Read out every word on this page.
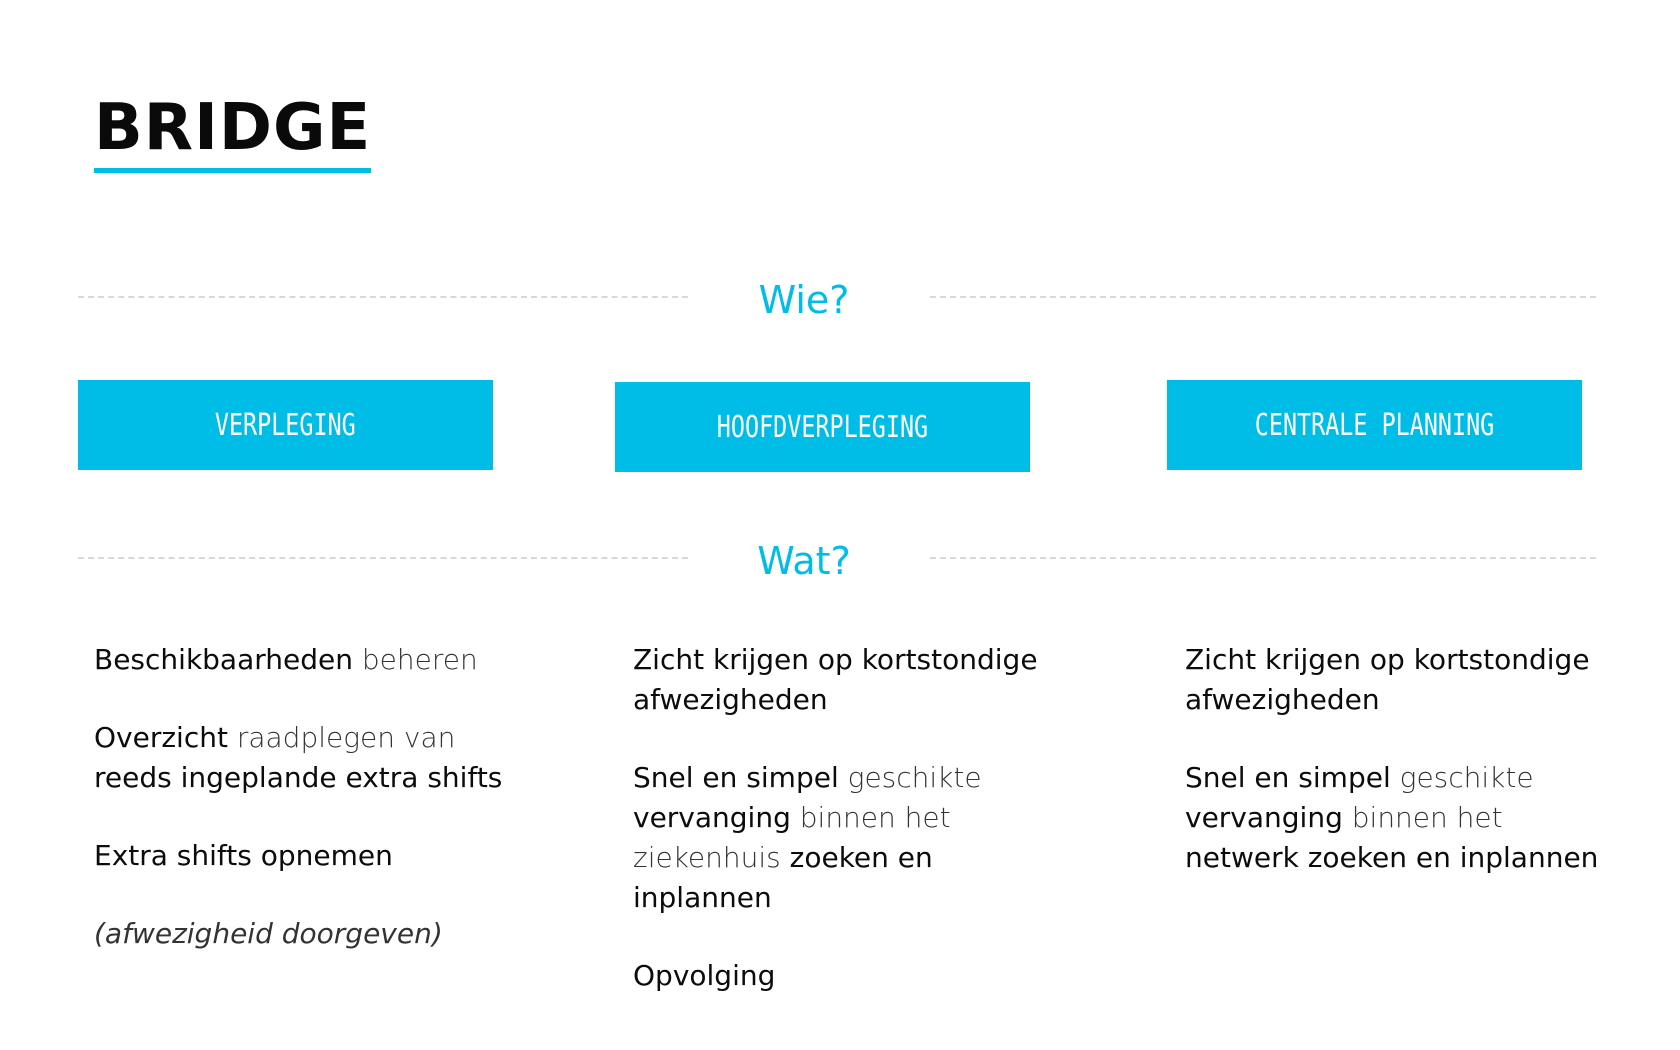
BRIDGE
Wie?
VERPLEGING	HOOFDVERPLEGING	CENTRALE PLANNING
Wat?
Beschikbaarheden beheren
Overzicht raadplegen van
reeds ingeplande extra shifts
Extra shifts opnemen
(afwezigheid doorgeven)
Zicht krijgen op kortstondige
afwezigheden
Snel en simpel geschikte
vervanging binnen het
ziekenhuis zoeken en
inplannen
Opvolging
Zicht krijgen op kortstondige
afwezigheden
Snel en simpel geschikte
vervanging binnen het
netwerk zoeken en inplannen
